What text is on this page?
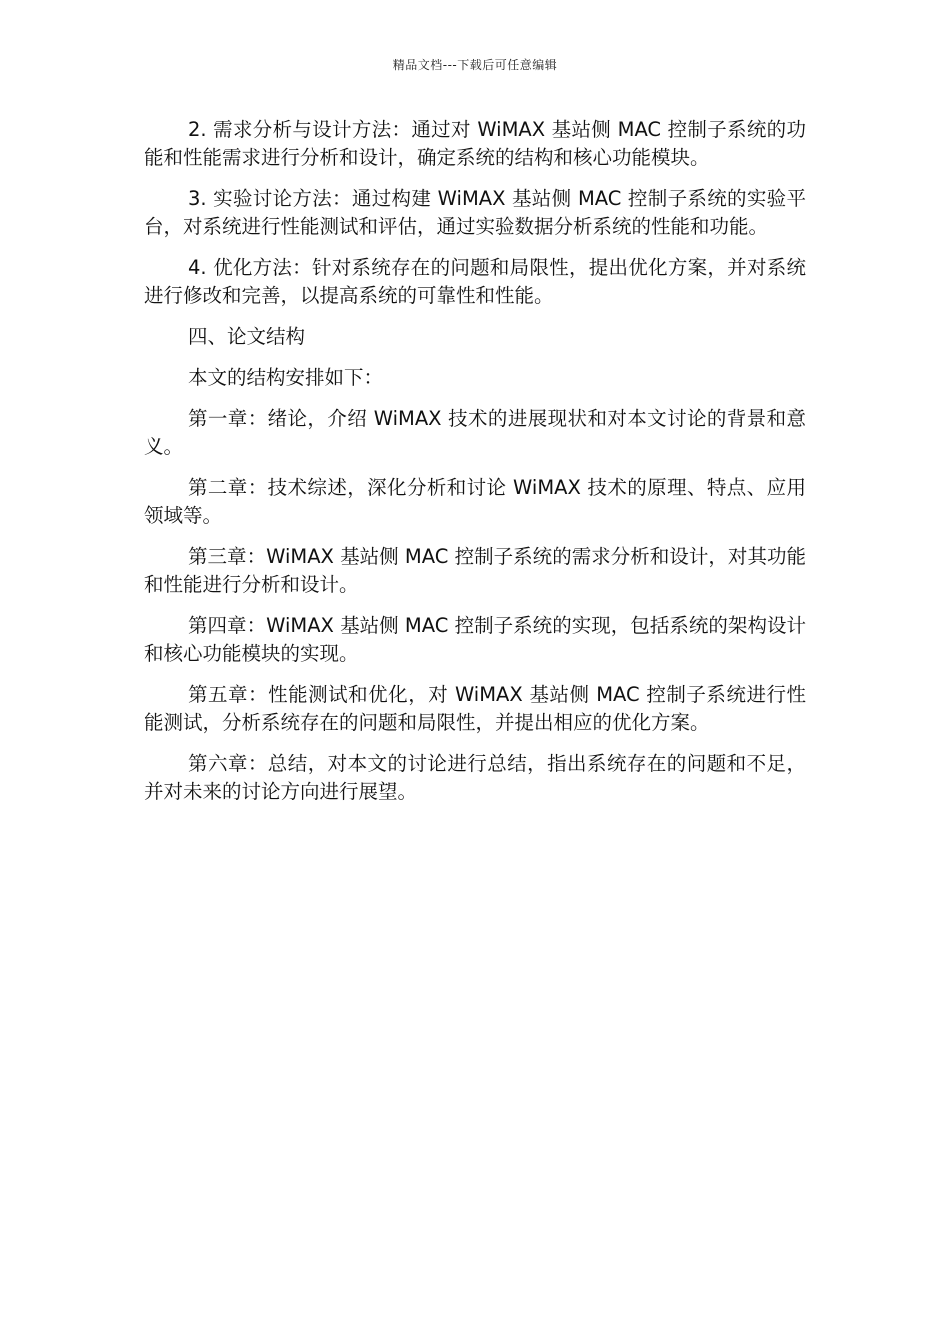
精品文档---下载后可任意编辑

2. 需求分析与设计方法：通过对 WiMAX 基站侧 MAC 控制子系统的功能和性能需求进行分析和设计，确定系统的结构和核心功能模块。

3. 实验讨论方法：通过构建 WiMAX 基站侧 MAC 控制子系统的实验平台，对系统进行性能测试和评估，通过实验数据分析系统的性能和功能。

4. 优化方法：针对系统存在的问题和局限性，提出优化方案，并对系统进行修改和完善，以提高系统的可靠性和性能。

四、论文结构

本文的结构安排如下：

第一章：绪论，介绍 WiMAX 技术的进展现状和对本文讨论的背景和意义。

第二章：技术综述，深化分析和讨论 WiMAX 技术的原理、特点、应用领域等。

第三章：WiMAX 基站侧 MAC 控制子系统的需求分析和设计，对其功能和性能进行分析和设计。

第四章：WiMAX 基站侧 MAC 控制子系统的实现，包括系统的架构设计和核心功能模块的实现。

第五章：性能测试和优化，对 WiMAX 基站侧 MAC 控制子系统进行性能测试，分析系统存在的问题和局限性，并提出相应的优化方案。

第六章：总结，对本文的讨论进行总结，指出系统存在的问题和不足，并对未来的讨论方向进行展望。
